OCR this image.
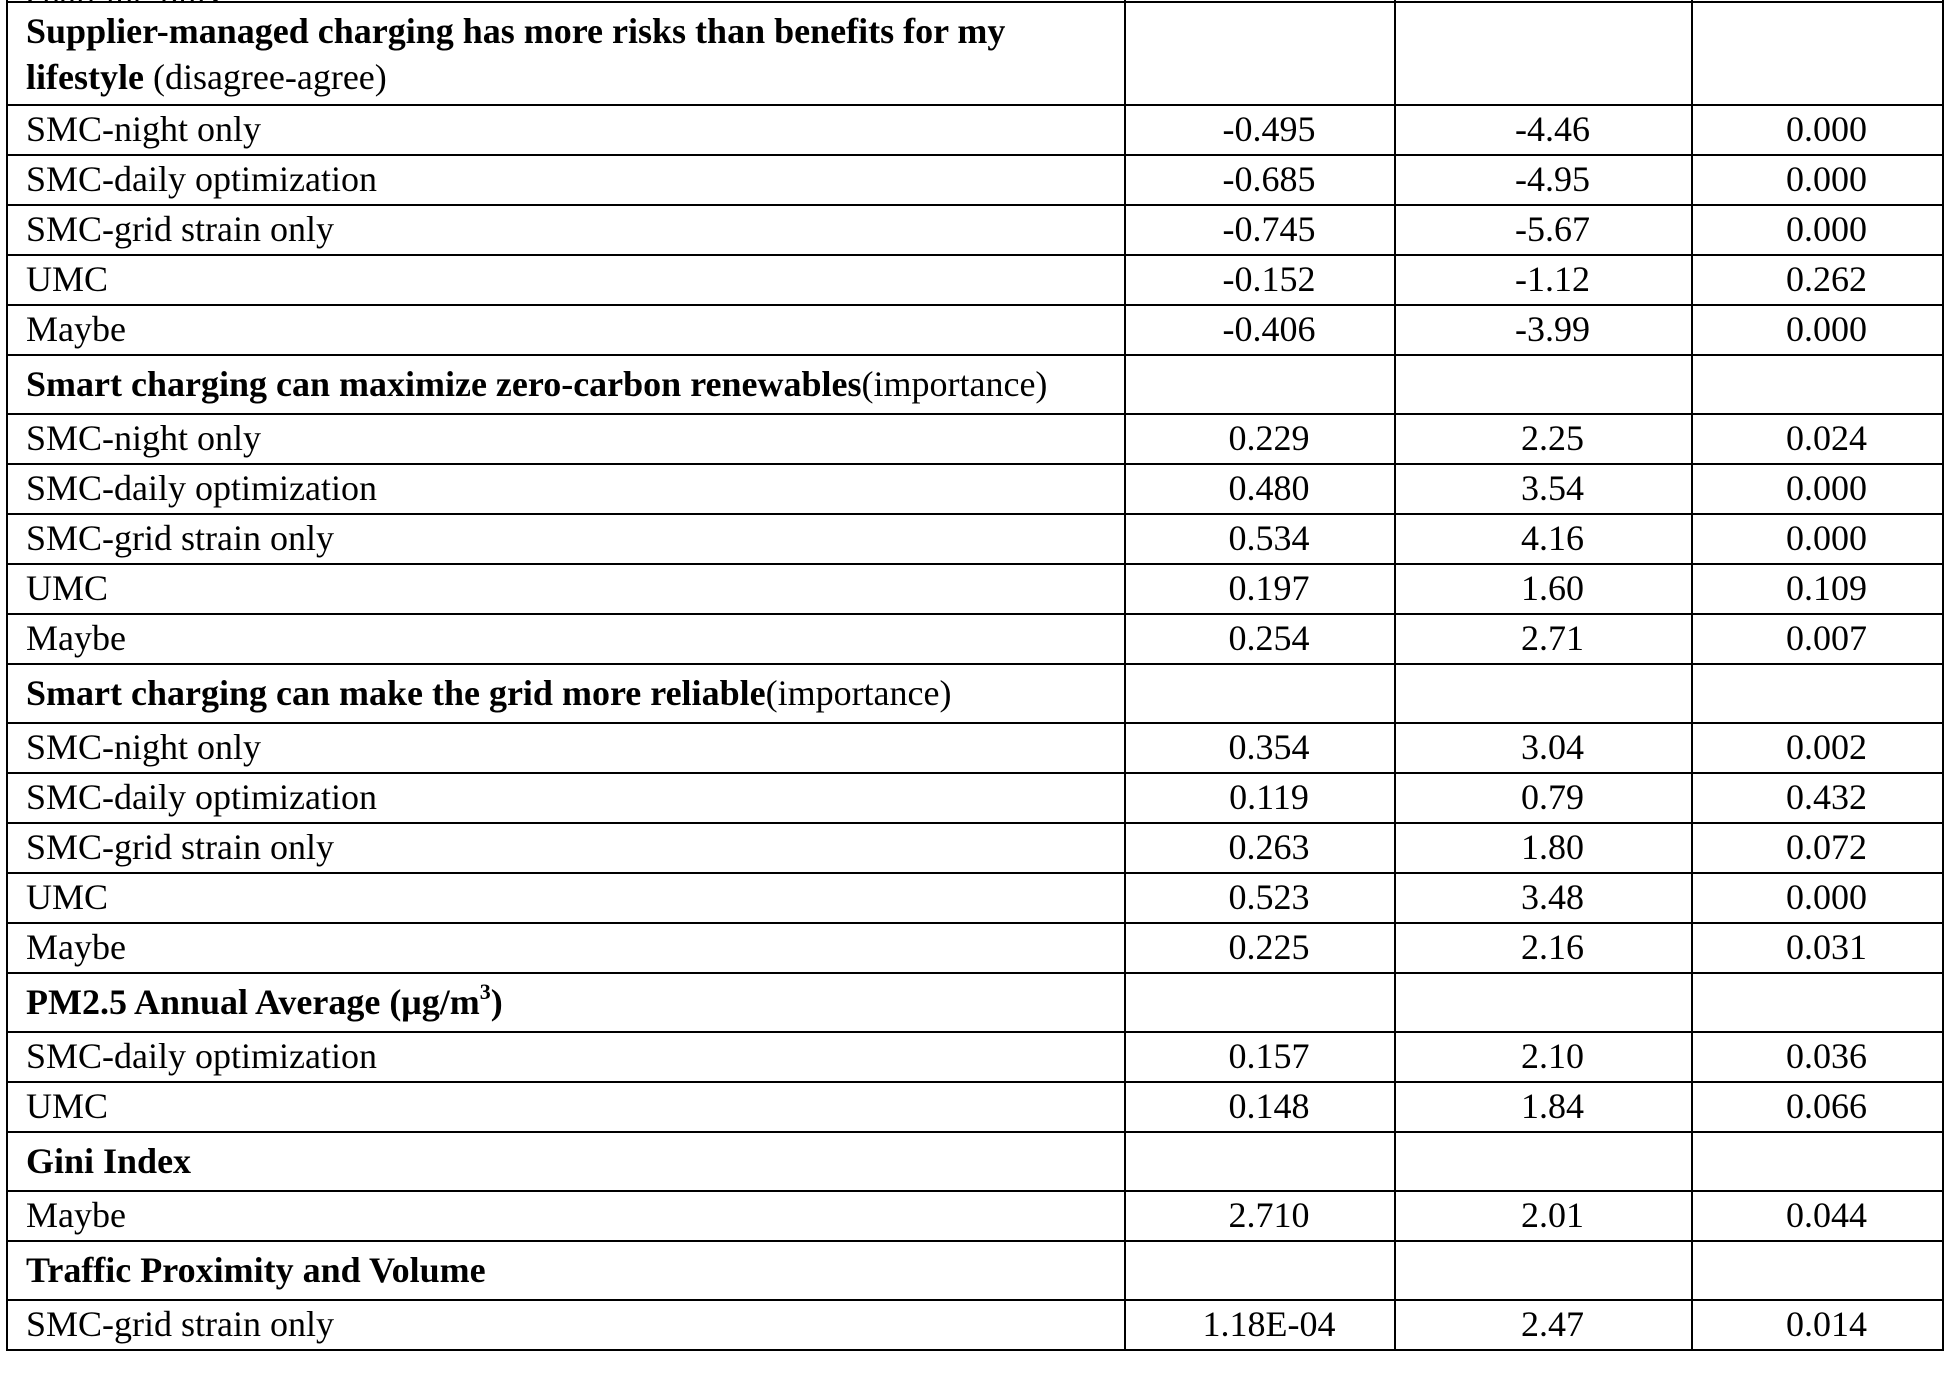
Supplier-managed charging has more risks than benefits for my lifestyle (disagree-agree)			
SMC-night only	-0.495	-4.46	0.000
SMC-daily optimization	-0.685	-4.95	0.000
SMC-grid strain only	-0.745	-5.67	0.000
UMC	-0.152	-1.12	0.262
Maybe	-0.406	-3.99	0.000
Smart charging can maximize zero-carbon renewables(importance)			
SMC-night only	0.229	2.25	0.024
SMC-daily optimization	0.480	3.54	0.000
SMC-grid strain only	0.534	4.16	0.000
UMC	0.197	1.60	0.109
Maybe	0.254	2.71	0.007
Smart charging can make the grid more reliable(importance)			
SMC-night only	0.354	3.04	0.002
SMC-daily optimization	0.119	0.79	0.432
SMC-grid strain only	0.263	1.80	0.072
UMC	0.523	3.48	0.000
Maybe	0.225	2.16	0.031
PM2.5 Annual Average $(\mu g/m^3)$			
SMC-daily optimization	0.157	2.10	0.036
UMC	0.148	1.84	0.066
Gini Index			
Maybe	2.710	2.01	0.044
Traffic Proximity and Volume			
SMC-grid strain only	1.18E-04	2.47	0.014
